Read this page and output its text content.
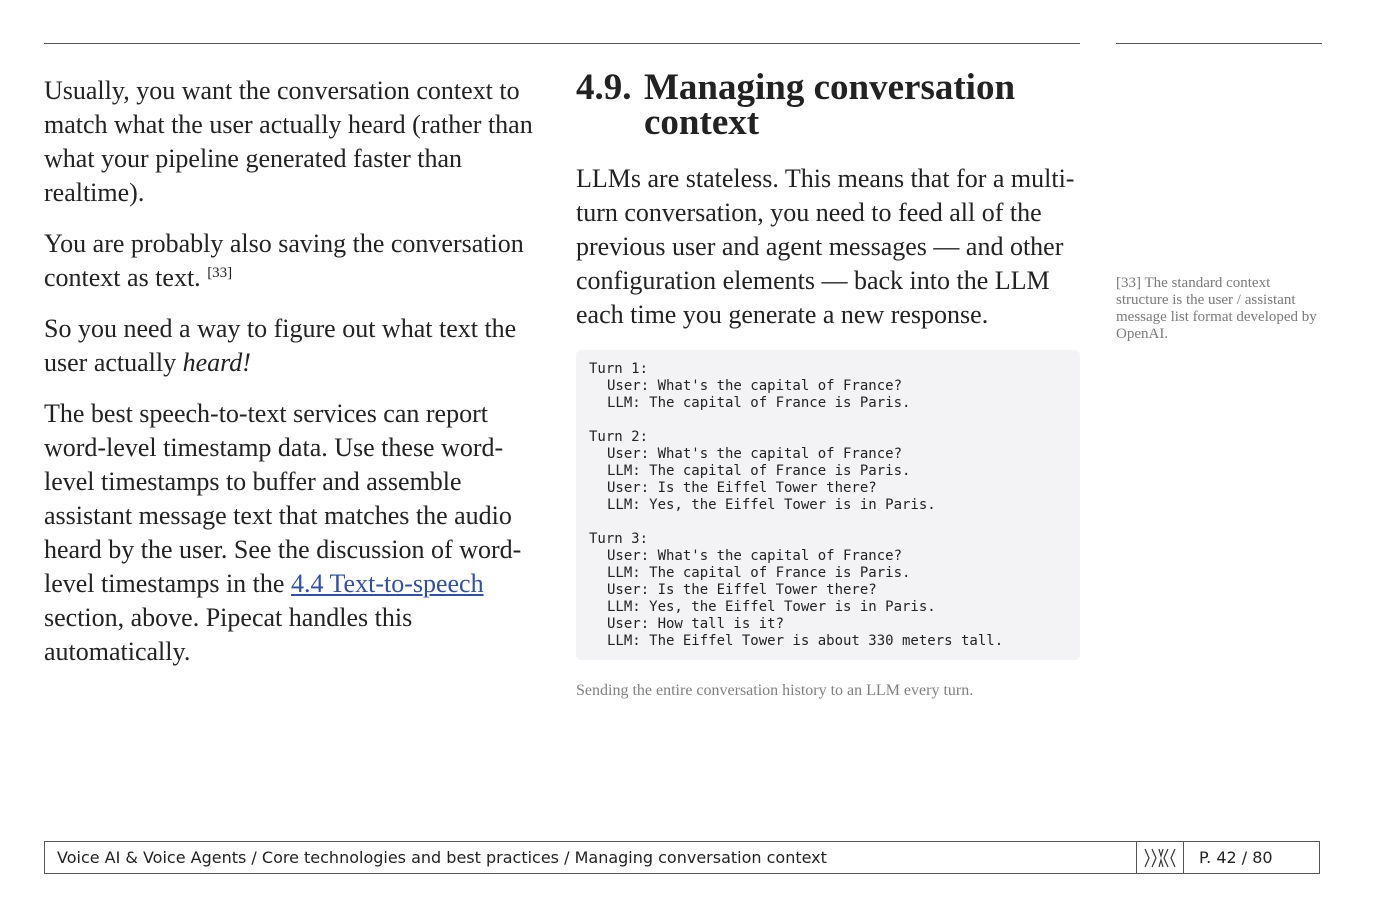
Usually, you want the conversation context to match what the user actually heard (rather than what your pipeline generated faster than realtime).

You are probably also saving the conversation context as text. [33]

So you need a way to figure out what text the user actually heard!

The best speech-to-text services can report word-level timestamp data. Use these word-level timestamps to buffer and assemble assistant message text that matches the audio heard by the user. See the discussion of word-level timestamps in the 4.4 Text-to-speech section, above. Pipecat handles this automatically.

4.9. Managing conversation context

LLMs are stateless. This means that for a multi-turn conversation, you need to feed all of the previous user and agent messages — and other configuration elements — back into the LLM each time you generate a new response.

Turn 1:
User: What's the capital of France?
LLM: The capital of France is Paris.
Turn 2:
User: What's the capital of France?
LLM: The capital of France is Paris.
User: Is the Eiffel Tower there?
LLM: Yes, the Eiffel Tower is in Paris.
Turn 3:
User: What's the capital of France?
LLM: The capital of France is Paris.
User: Is the Eiffel Tower there?
LLM: Yes, the Eiffel Tower is in Paris.
User: How tall is it?
LLM: The Eiffel Tower is about 330 meters tall.
Sending the entire conversation history to an LLM every turn.
[33] The standard context structure is the user / assistant message list format developed by OpenAI.
Voice AI & Voice Agents / Core technologies and best practices / Managing conversation context	P. 42 / 80
